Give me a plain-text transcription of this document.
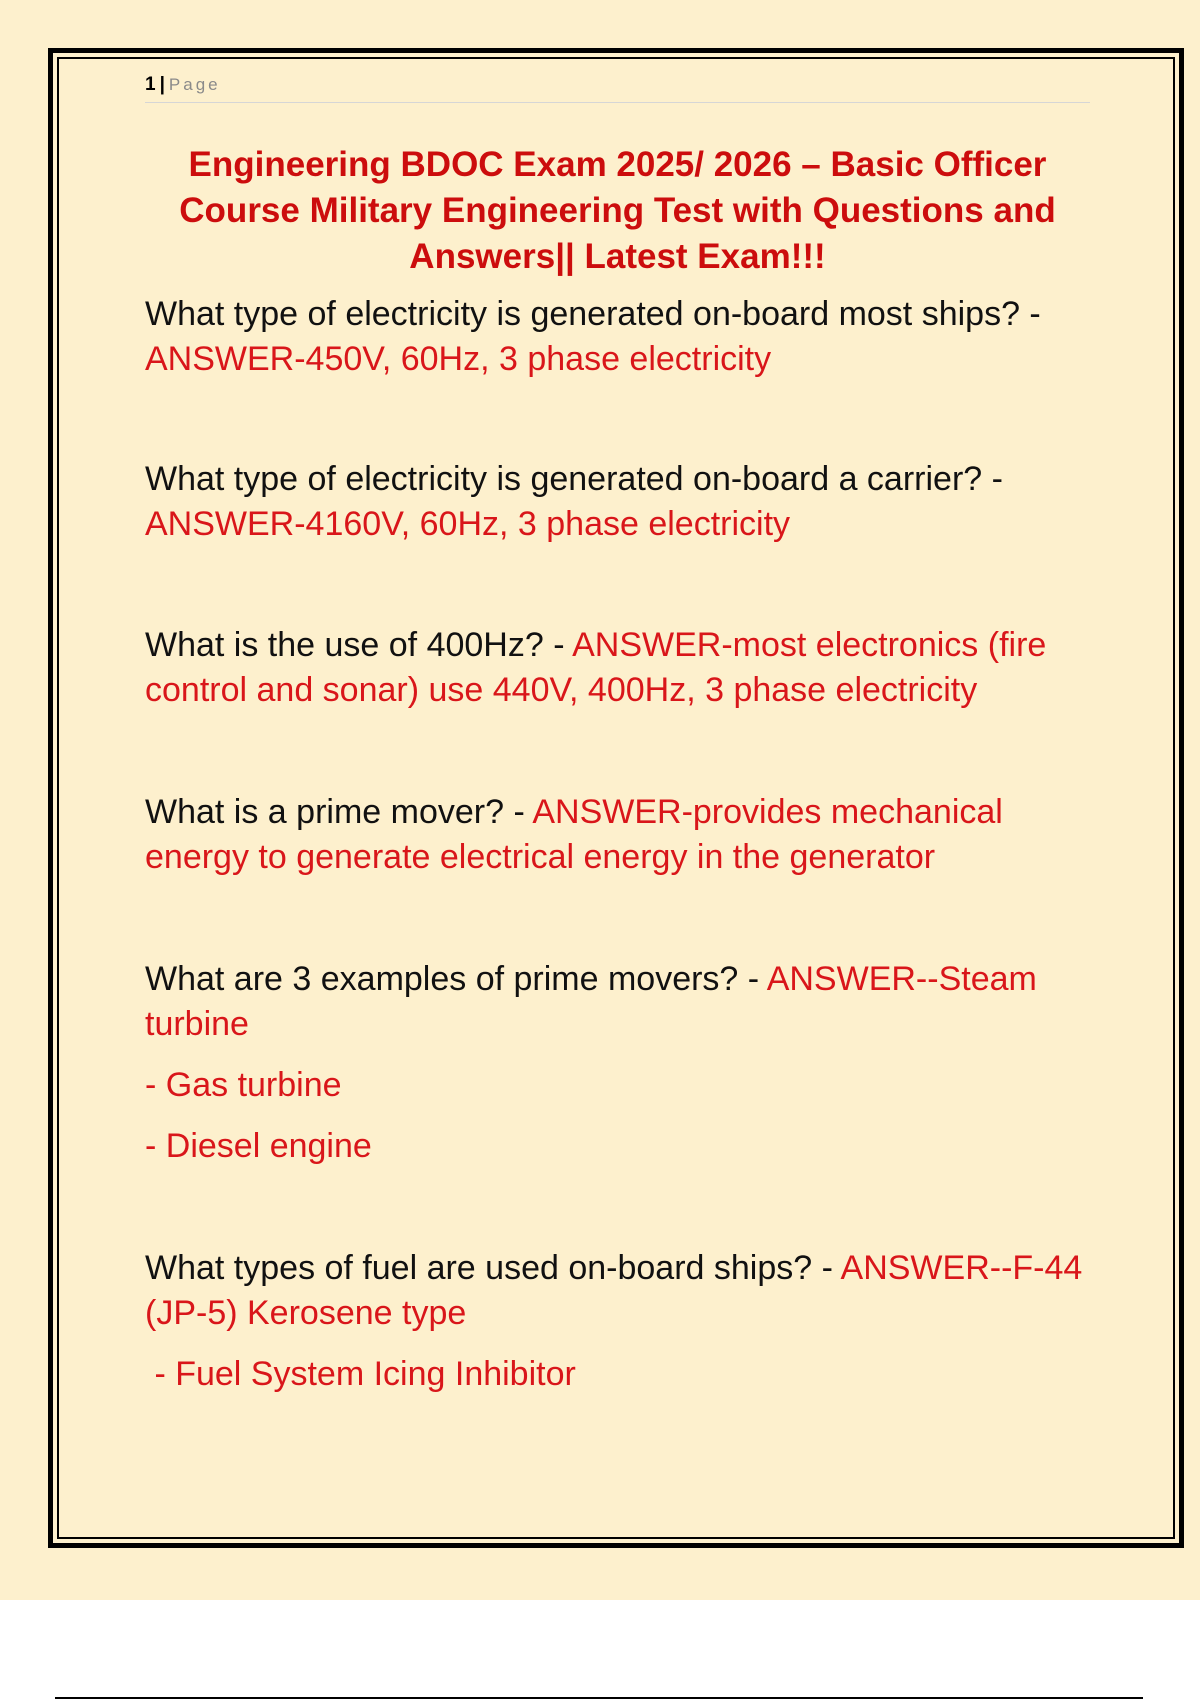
1 | Page
Engineering BDOC Exam 2025/ 2026 – Basic Officer Course Military Engineering Test with Questions and Answers|| Latest Exam!!!

What type of electricity is generated on-board most ships? - ANSWER-450V, 60Hz, 3 phase electricity

What type of electricity is generated on-board a carrier? - ANSWER-4160V, 60Hz, 3 phase electricity

What is the use of 400Hz? - ANSWER-most electronics (fire control and sonar) use 440V, 400Hz, 3 phase electricity

What is a prime mover? - ANSWER-provides mechanical energy to generate electrical energy in the generator

What are 3 examples of prime movers? - ANSWER--Steam turbine

- Gas turbine

- Diesel engine

What types of fuel are used on-board ships? - ANSWER--F-44 (JP-5) Kerosene type

- Fuel System Icing Inhibitor
